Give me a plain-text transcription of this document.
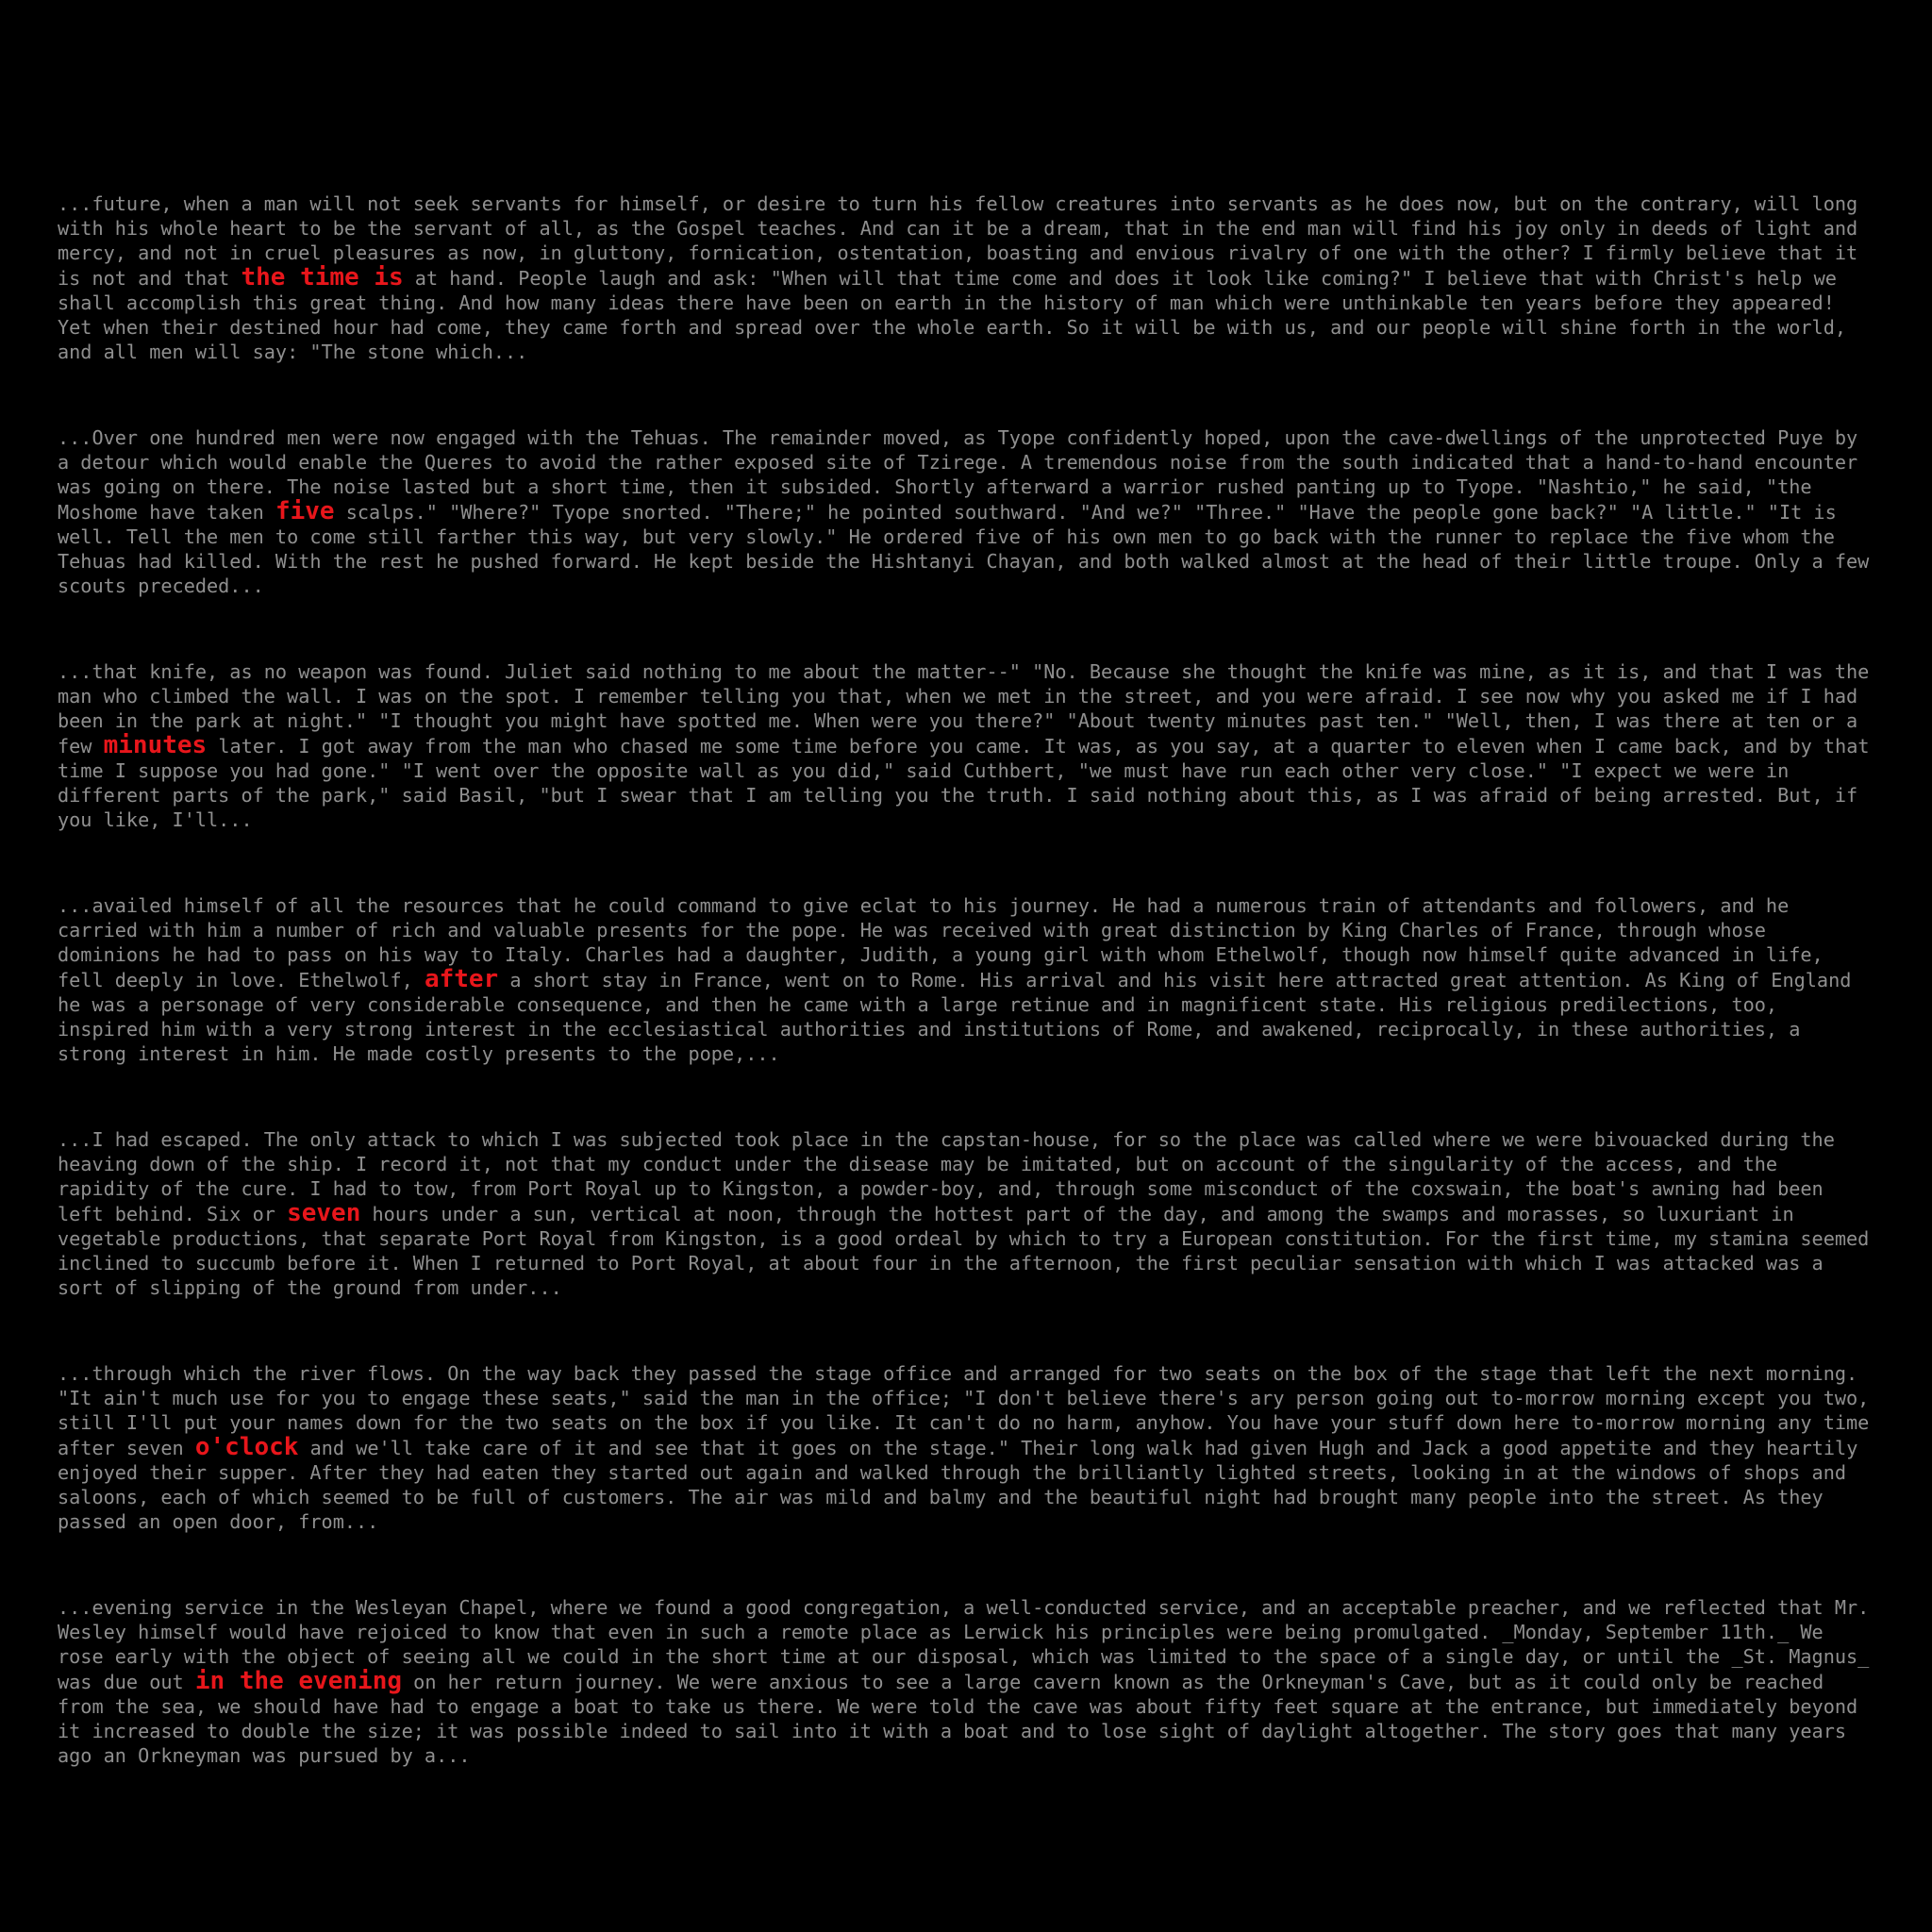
...future, when a man will not seek servants for himself, or desire to turn his fellow creatures into servants as he does now, but on the contrary, will long with his whole heart to be the servant of all, as the Gospel teaches. And can it be a dream, that in the end man will find his joy only in deeds of light and mercy, and not in cruel pleasures as now, in gluttony, fornication, ostentation, boasting and envious rivalry of one with the other? I firmly believe that it is not and that the time is at hand. People laugh and ask: "When will that time come and does it look like coming?" I believe that with Christ's help we shall accomplish this great thing. And how many ideas there have been on earth in the history of man which were unthinkable ten years before they appeared! Yet when their destined hour had come, they came forth and spread over the whole earth. So it will be with us, and our people will shine forth in the world, and all men will say: "The stone which...

...Over one hundred men were now engaged with the Tehuas. The remainder moved, as Tyope confidently hoped, upon the cave-dwellings of the unprotected Puye by a detour which would enable the Queres to avoid the rather exposed site of Tzirege. A tremendous noise from the south indicated that a hand-to-hand encounter was going on there. The noise lasted but a short time, then it subsided. Shortly afterward a warrior rushed panting up to Tyope. "Nashtio," he said, "the Moshome have taken five scalps." "Where?" Tyope snorted. "There;" he pointed southward. "And we?" "Three." "Have the people gone back?" "A little." "It is well. Tell the men to come still farther this way, but very slowly." He ordered five of his own men to go back with the runner to replace the five whom the Tehuas had killed. With the rest he pushed forward. He kept beside the Hishtanyi Chayan, and both walked almost at the head of their little troupe. Only a few scouts preceded...

...that knife, as no weapon was found. Juliet said nothing to me about the matter--" "No. Because she thought the knife was mine, as it is, and that I was the man who climbed the wall. I was on the spot. I remember telling you that, when we met in the street, and you were afraid. I see now why you asked me if I had been in the park at night." "I thought you might have spotted me. When were you there?" "About twenty minutes past ten." "Well, then, I was there at ten or a few minutes later. I got away from the man who chased me some time before you came. It was, as you say, at a quarter to eleven when I came back, and by that time I suppose you had gone." "I went over the opposite wall as you did," said Cuthbert, "we must have run each other very close." "I expect we were in different parts of the park," said Basil, "but I swear that I am telling you the truth. I said nothing about this, as I was afraid of being arrested. But, if you like, I'll...

...availed himself of all the resources that he could command to give eclat to his journey. He had a numerous train of attendants and followers, and he carried with him a number of rich and valuable presents for the pope. He was received with great distinction by King Charles of France, through whose dominions he had to pass on his way to Italy. Charles had a daughter, Judith, a young girl with whom Ethelwolf, though now himself quite advanced in life, fell deeply in love. Ethelwolf, after a short stay in France, went on to Rome. His arrival and his visit here attracted great attention. As King of England he was a personage of very considerable consequence, and then he came with a large retinue and in magnificent state. His religious predilections, too, inspired him with a very strong interest in the ecclesiastical authorities and institutions of Rome, and awakened, reciprocally, in these authorities, a strong interest in him. He made costly presents to the pope,...

...I had escaped. The only attack to which I was subjected took place in the capstan-house, for so the place was called where we were bivouacked during the heaving down of the ship. I record it, not that my conduct under the disease may be imitated, but on account of the singularity of the access, and the rapidity of the cure. I had to tow, from Port Royal up to Kingston, a powder-boy, and, through some misconduct of the coxswain, the boat's awning had been left behind. Six or seven hours under a sun, vertical at noon, through the hottest part of the day, and among the swamps and morasses, so luxuriant in vegetable productions, that separate Port Royal from Kingston, is a good ordeal by which to try a European constitution. For the first time, my stamina seemed inclined to succumb before it. When I returned to Port Royal, at about four in the afternoon, the first peculiar sensation with which I was attacked was a sort of slipping of the ground from under...

...through which the river flows. On the way back they passed the stage office and arranged for two seats on the box of the stage that left the next morning. "It ain't much use for you to engage these seats," said the man in the office; "I don't believe there's ary person going out to-morrow morning except you two, still I'll put your names down for the two seats on the box if you like. It can't do no harm, anyhow. You have your stuff down here to-morrow morning any time after seven o'clock and we'll take care of it and see that it goes on the stage." Their long walk had given Hugh and Jack a good appetite and they heartily enjoyed their supper. After they had eaten they started out again and walked through the brilliantly lighted streets, looking in at the windows of shops and saloons, each of which seemed to be full of customers. The air was mild and balmy and the beautiful night had brought many people into the street. As they passed an open door, from...

...evening service in the Wesleyan Chapel, where we found a good congregation, a well-conducted service, and an acceptable preacher, and we reflected that Mr. Wesley himself would have rejoiced to know that even in such a remote place as Lerwick his principles were being promulgated. _Monday, September 11th._ We rose early with the object of seeing all we could in the short time at our disposal, which was limited to the space of a single day, or until the _St. Magnus_ was due out in the evening on her return journey. We were anxious to see a large cavern known as the Orkneyman's Cave, but as it could only be reached from the sea, we should have had to engage a boat to take us there. We were told the cave was about fifty feet square at the entrance, but immediately beyond it increased to double the size; it was possible indeed to sail into it with a boat and to lose sight of daylight altogether. The story goes that many years ago an Orkneyman was pursued by a...
